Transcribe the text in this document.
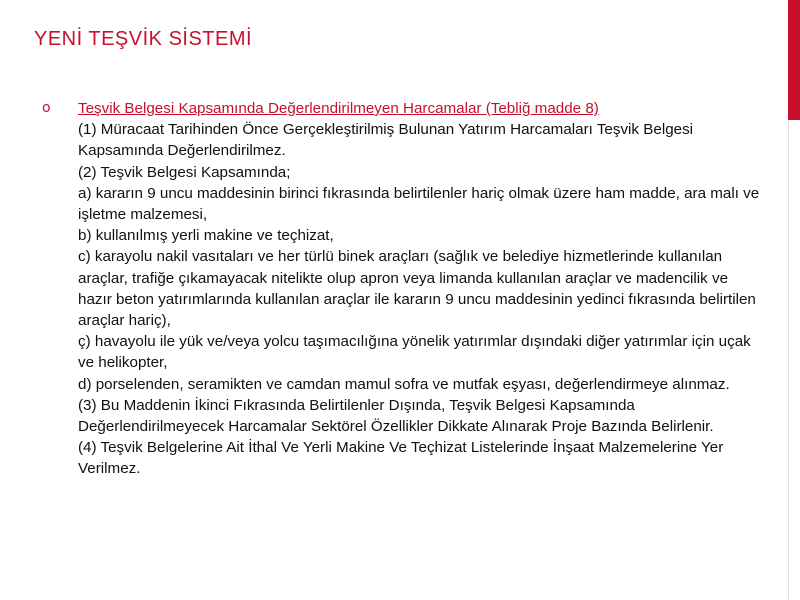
YENİ TEŞVİK SİSTEMİ
o	Teşvik Belgesi Kapsamında Değerlendirilmeyen Harcamalar (Tebliğ madde 8)
(1) Müracaat Tarihinden Önce Gerçekleştirilmiş Bulunan Yatırım Harcamaları Teşvik Belgesi Kapsamında Değerlendirilmez.
(2) Teşvik Belgesi Kapsamında;
a) kararın 9 uncu maddesinin birinci fıkrasında belirtilenler hariç olmak üzere ham madde, ara malı ve işletme malzemesi,
b) kullanılmış yerli makine ve teçhizat,
c) karayolu nakil vasıtaları ve her türlü binek araçları (sağlık ve belediye hizmetlerinde kullanılan araçlar, trafiğe çıkamayacak nitelikte olup apron veya limanda kullanılan araçlar ve madencilik ve hazır beton yatırımlarında kullanılan araçlar ile kararın 9 uncu maddesinin yedinci fıkrasında belirtilen araçlar hariç),
ç) havayolu ile yük ve/veya yolcu taşımacılığına yönelik yatırımlar dışındaki diğer yatırımlar için uçak ve helikopter,
d) porselenden, seramikten ve camdan mamul sofra ve mutfak eşyası, değerlendirmeye alınmaz.
(3) Bu Maddenin İkinci Fıkrasında Belirtilenler Dışında, Teşvik Belgesi Kapsamında Değerlendirilmeyecek Harcamalar Sektörel Özellikler Dikkate Alınarak Proje Bazında Belirlenir.
(4) Teşvik Belgelerine Ait İthal Ve Yerli Makine Ve Teçhizat Listelerinde İnşaat Malzemelerine Yer Verilmez.
